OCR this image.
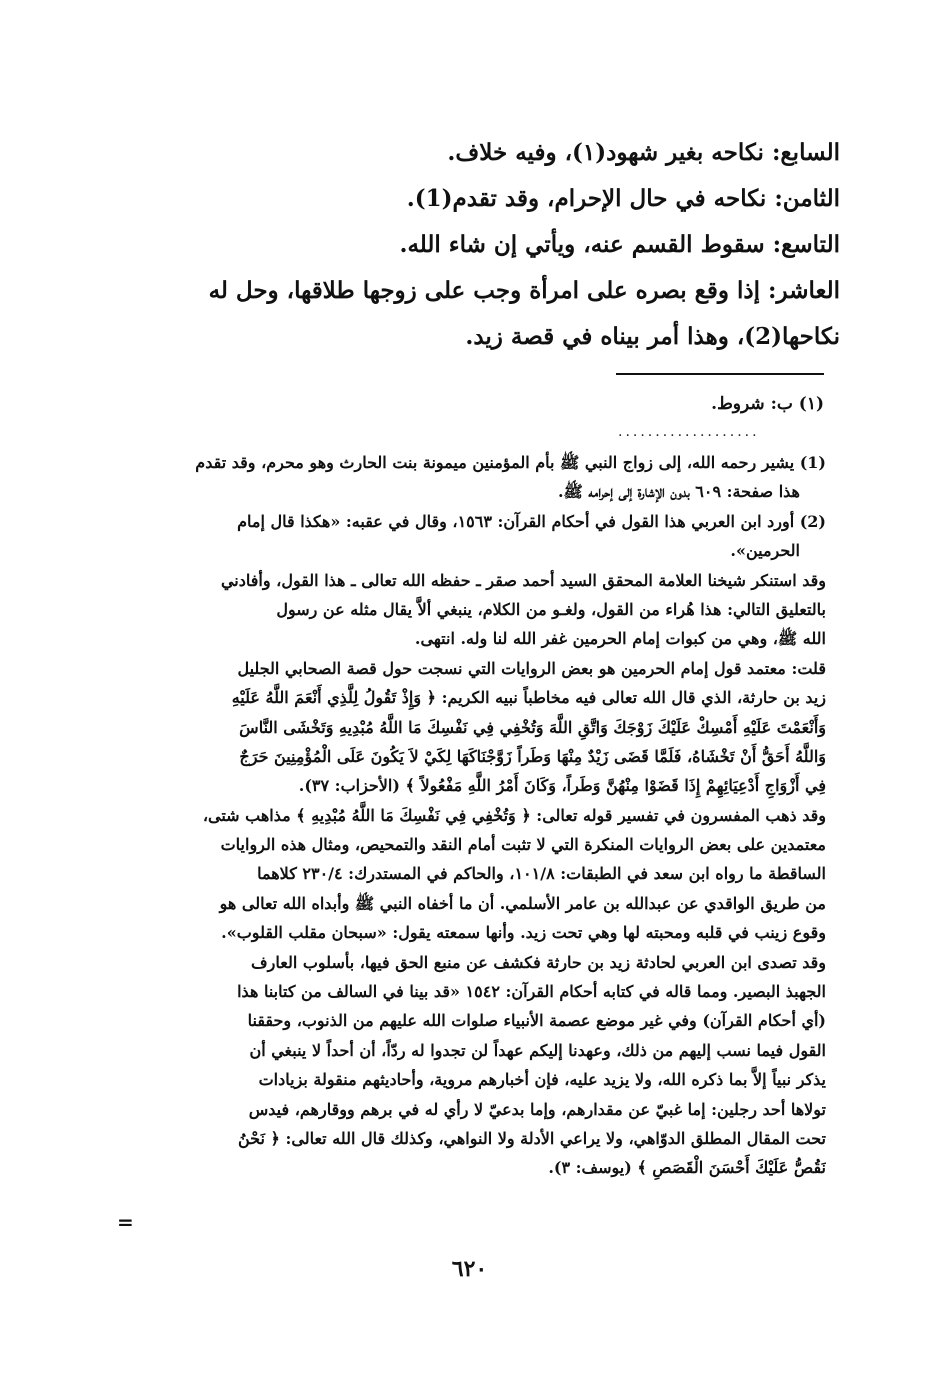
السابع: نكاحه بغير شهود(١)، وفيه خلاف.
الثامن: نكاحه في حال الإحرام، وقد تقدم(1).
التاسع: سقوط القسم عنه، ويأتي إن شاء الله.
العاشر: إذا وقع بصره على امرأة وجب على زوجها طلاقها، وحل له
نكاحها(2)، وهذا أمر بيناه في قصة زيد.
(١) ب: شروط.
...................
(1) يشير رحمه الله، إلى زواج النبي ﷺ بأم المؤمنين ميمونة بنت الحارث وهو محرم، وقد تقدم
هذا صفحة: ٦٠٩ بدون الإشارة إلى إحرامه ﷺ.
(2) أورد ابن العربي هذا القول في أحكام القرآن: ١٥٦٣، وقال في عقبه: «هكذا قال إمام
الحرمين».
وقد استنكر شيخنا العلامة المحقق السيد أحمد صقر ـ حفظه الله تعالى ـ هذا القول، وأفادني
بالتعليق التالي: هذا هُراء من القول، ولغـو من الكلام، ينبغي ألاَّ يقال مثله عن رسول
الله ﷺ، وهي من كبوات إمام الحرمين غفر الله لنا وله. انتهى.
قلت: معتمد قول إمام الحرمين هو بعض الروايات التي نسجت حول قصة الصحابي الجليل
زيد بن حارثة، الذي قال الله تعالى فيه مخاطباً نبيه الكريم: ﴿ وَإِذْ تَقُولُ لِلَّذِي أَنْعَمَ اللَّهُ عَلَيْهِ
وَأَنْعَمْتَ عَلَيْهِ أَمْسِكْ عَلَيْكَ زَوْجَكَ وَاتَّقِ اللَّهَ وَتُخْفِي فِي نَفْسِكَ مَا اللَّهُ مُبْدِيهِ وَتَخْشَى النَّاسَ
وَاللَّهُ أَحَقُّ أَنْ تَخْشَاهُ، فَلَمَّا قَضَى زَيْدٌ مِنْهَا وَطَراً زَوَّجْنَاكَهَا لِكَيْ لاَ يَكُونَ عَلَى الْمُؤْمِنِينَ حَرَجٌ
فِي أَزْوَاجِ أَدْعِيَائِهِمْ إِذَا قَضَوْا مِنْهُنَّ وَطَراً، وَكَانَ أَمْرُ اللَّهِ مَفْعُولاً ﴾ (الأحزاب: ٣٧).
وقد ذهب المفسرون في تفسير قوله تعالى: ﴿ وَتُخْفِي فِي نَفْسِكَ مَا اللَّهُ مُبْدِيهِ ﴾ مذاهب شتى،
معتمدين على بعض الروايات المنكرة التي لا تثبت أمام النقد والتمحيص، ومثال هذه الروايات
الساقطة ما رواه ابن سعد في الطبقات: ١٠١/٨، والحاكم في المستدرك: ٢٣٠/٤ كلاهما
من طريق الواقدي عن عبدالله بن عامر الأسلمي. أن ما أخفاه النبي ﷺ وأبداه الله تعالى هو
وقوع زينب في قلبه ومحبته لها وهي تحت زيد. وأنها سمعته يقول: «سبحان مقلب القلوب».
وقد تصدى ابن العربي لحادثة زيد بن حارثة فكشف عن منبع الحق فيها، بأسلوب العارف
الجهبذ البصير. ومما قاله في كتابه أحكام القرآن: ١٥٤٢ «قد بينا في السالف من كتابنا هذا
(أي أحكام القرآن) وفي غير موضع عصمة الأنبياء صلوات الله عليهم من الذنوب، وحققنا
القول فيما نسب إليهم من ذلك، وعهدنا إليكم عهداً لن تجدوا له ردّاً، أن أحداً لا ينبغي أن
يذكر نبياً إلاَّ بما ذكره الله، ولا يزيد عليه، فإن أخبارهم مروية، وأحاديثهم منقولة بزيادات
تولاها أحد رجلين: إما غبيّ عن مقدارهم، وإما بدعيّ لا رأي له في برهم ووقارهم، فيدس
تحت المقال المطلق الدوّاهي، ولا يراعي الأدلة ولا النواهي، وكذلك قال الله تعالى: ﴿ نَحْنُ
نَقُصُّ عَلَيْكَ أَحْسَنَ الْقَصَصِ ﴾ (يوسف: ٣).
=
٦٢٠
